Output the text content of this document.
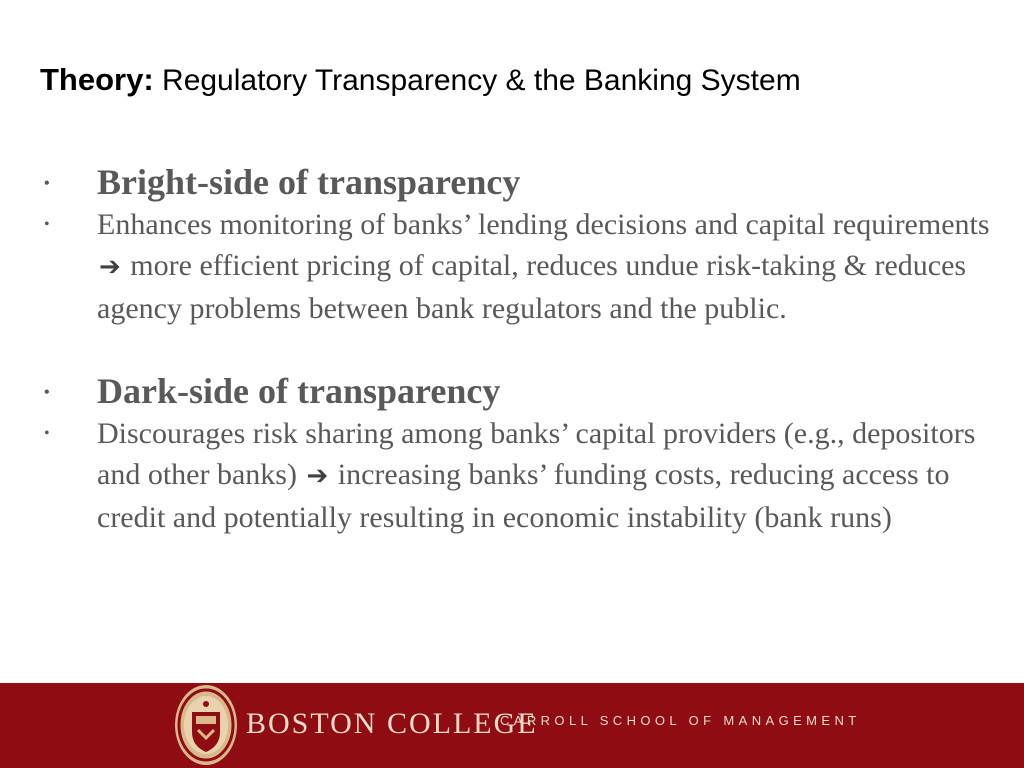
Theory: Regulatory Transparency & the Banking System
• Bright-side of transparency
• Enhances monitoring of banks’ lending decisions and capital requirements ➔ more efficient pricing of capital, reduces undue risk-taking & reduces agency problems between bank regulators and the public.
• Dark-side of transparency
• Discourages risk sharing among banks’ capital providers (e.g., depositors and other banks) ➔ increasing banks’ funding costs, reducing access to credit and potentially resulting in economic instability (bank runs)
BOSTON COLLEGE
CARROLL SCHOOL OF MANAGEMENT
